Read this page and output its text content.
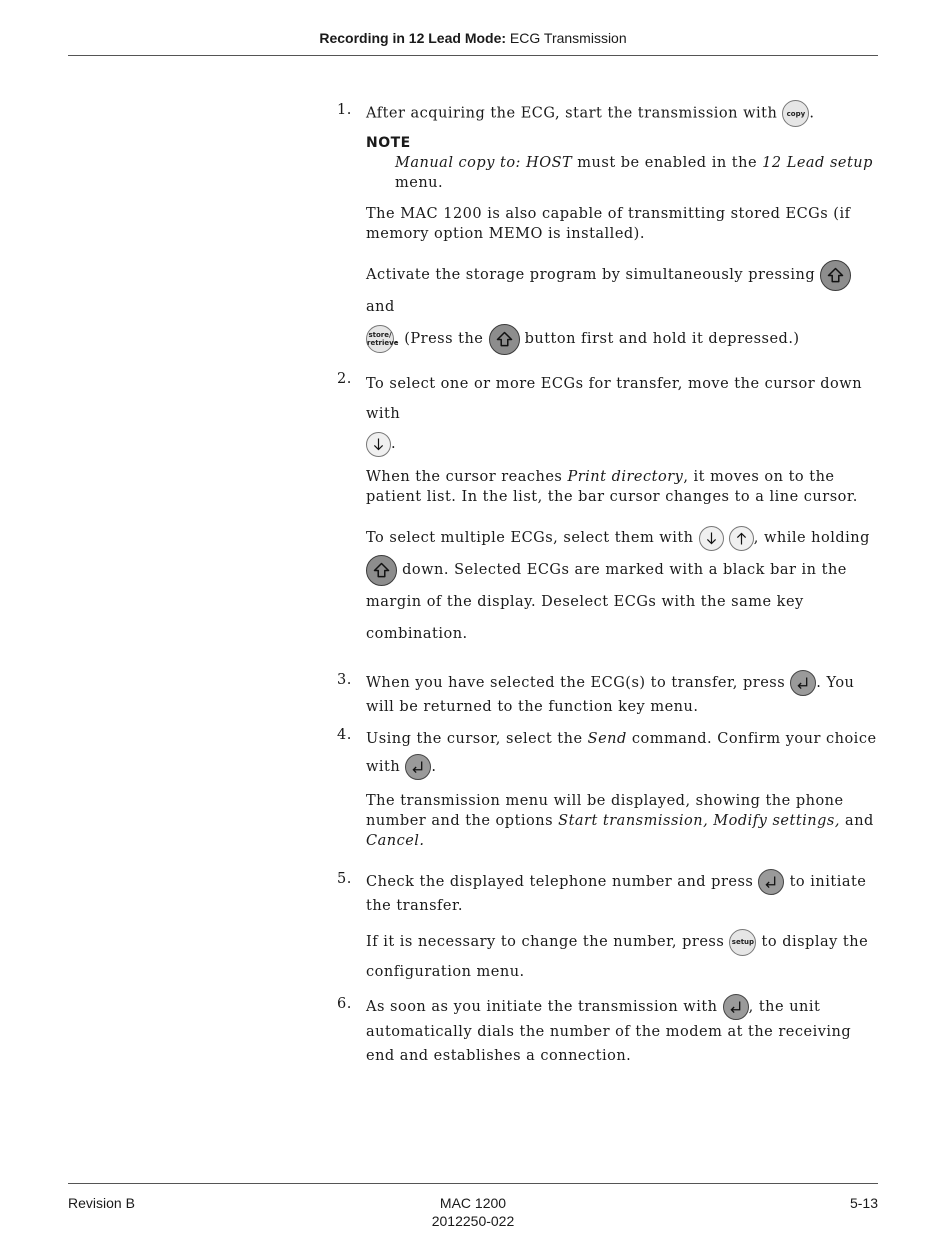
Recording in 12 Lead Mode: ECG Transmission
1. After acquiring the ECG, start the transmission with copy .

NOTE

Manual copy to: HOST must be enabled in the 12 Lead setup menu.

The MAC 1200 is also capable of transmitting stored ECGs (if memory option MEMO is installed).

Activate the storage program by simultaneously pressing
and

store/
retrieve
. (Press the
button first and hold it depressed.)

2. To select one or more ECGs for transfer, move the cursor down with

.

When the cursor reaches Print directory, it moves on to the patient list. In the list, the bar cursor changes to a line cursor.

To select multiple ECGs, select them with
	, while holding

down. Selected ECGs are marked with a black bar in the margin of the display. Deselect ECGs with the same key combination.

3. When you have selected the ECG(s) to transfer, press
. You will be returned to the function key menu.

4. Using the cursor, select the Send command. Confirm your choice with
.

The transmission menu will be displayed, showing the phone number and the options Start transmission, Modify settings, and Cancel.

5. Check the displayed telephone number and press
to initiate the transfer.

If it is necessary to change the number, press setup to display the configuration menu.

6. As soon as you initiate the transmission with
, the unit automatically dials the number of the modem at the receiving end and establishes a connection.

Revision B	MAC 1200
2012250-022
5-13
